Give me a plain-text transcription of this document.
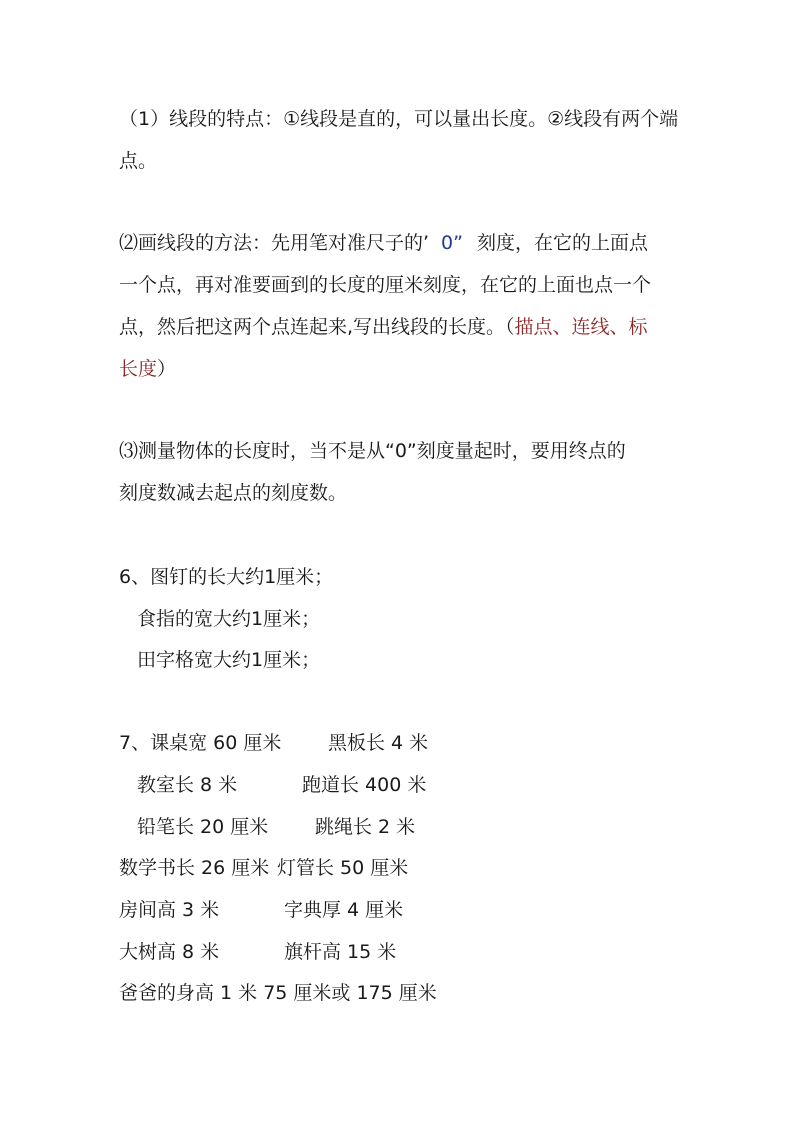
（1）线段的特点：①线段是直的，可以量出长度。②线段有两个端
点。
⑵画线段的方法：先用笔对准尺子的’ 0” 刻度，在它的上面点
一个点，再对准要画到的长度的厘米刻度，在它的上面也点一个
点，然后把这两个点连起来,写出线段的长度。（描点、连线、标
长度）
⑶测量物体的长度时，当不是从“0”刻度量起时，要用终点的
刻度数减去起点的刻度数。
6、图钉的长大约1厘米；
食指的宽大约1厘米；
田字格宽大约1厘米；
7、课桌宽 60 厘米 黑板长 4 米
教室长 8 米	跑道长 400 米
铅笔长 20 厘米 跳绳长 2 米
数学书长 26 厘米 灯管长 50 厘米
房间高 3 米	字典厚 4 厘米
大树高 8 米	旗杆高 15 米
爸爸的身高 1 米 75 厘米或 175 厘米
